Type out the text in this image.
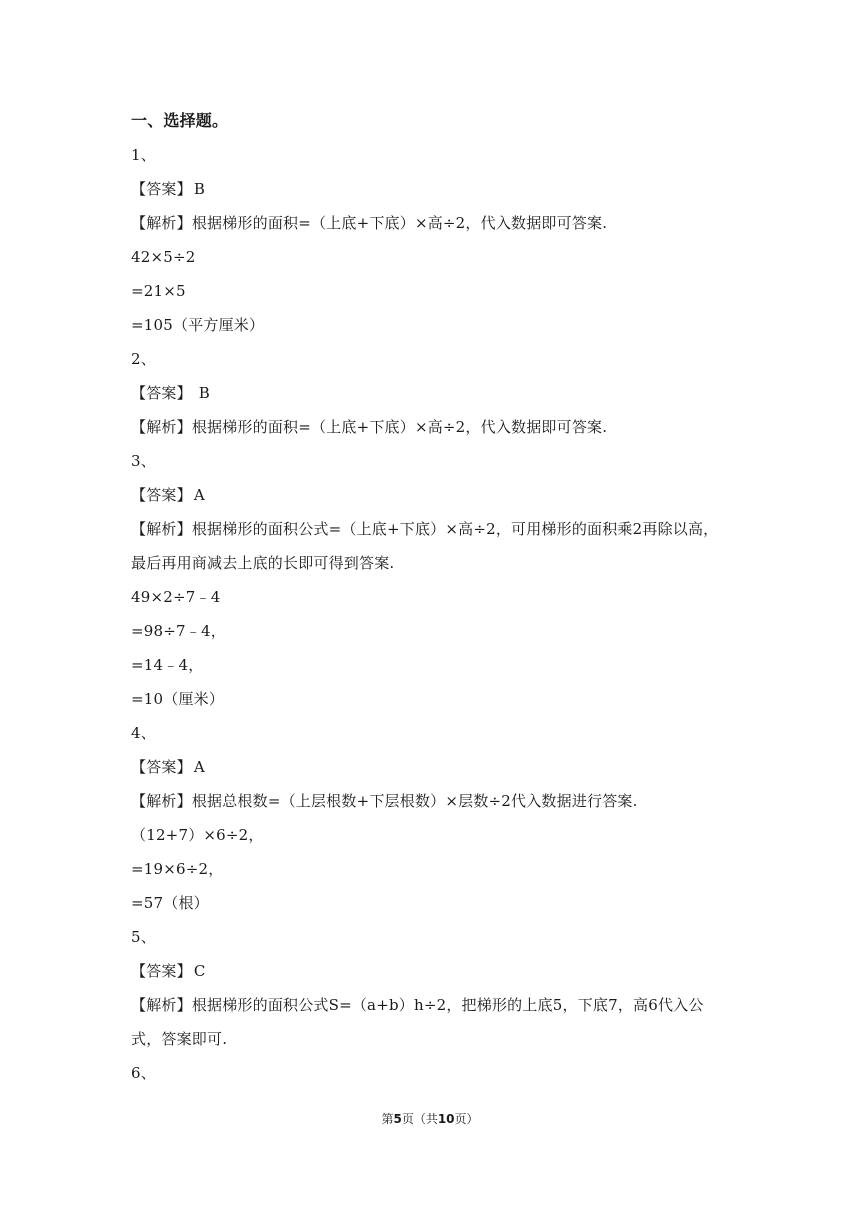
一、选择题。
1、
【答案】 B
【解析】根据梯形的面积=（上底+下底）×高÷2，代入数据即可答案.
42×5÷2
=21×5
=105（平方厘米）
2、
【答案】 B
【解析】根据梯形的面积=（上底+下底）×高÷2，代入数据即可答案.
3、
【答案】 A
【解析】根据梯形的面积公式=（上底+下底）×高÷2，可用梯形的面积乘2再除以高，最后再用商减去上底的长即可得到答案.
49×2÷7﹣4
=98÷7﹣4，
=14﹣4，
=10（厘米）
4、
【答案】 A
【解析】根据总根数=（上层根数+下层根数）×层数÷2代入数据进行答案.
（12+7）×6÷2，
=19×6÷2，
=57（根）
5、
【答案】 C
【解析】根据梯形的面积公式S=（a+b）h÷2，把梯形的上底5，下底7，高6代入公式，答案即可.
6、
第5页（共10页）
